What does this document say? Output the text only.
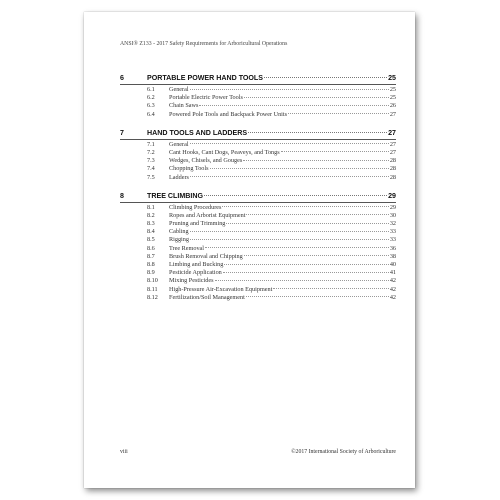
ANSI® Z133 - 2017 Safety Requirements for Arboricultural Operations
6	PORTABLE POWER HAND TOOLS	25
6.1	General	25
6.2	Portable Electric Power Tools	25
6.3	Chain Saws	26
6.4	Powered Pole Tools and Backpack Power Units	27
7	HAND TOOLS AND LADDERS	27
7.1	General	27
7.2	Cant Hooks, Cant Dogs, Peaveys, and Tongs	27
7.3	Wedges, Chisels, and Gouges	28
7.4	Chopping Tools	28
7.5	Ladders	28
8	TREE CLIMBING	29
8.1	Climbing Procedures	29
8.2	Ropes and Arborist Equipment	30
8.3	Pruning and Trimming	32
8.4	Cabling	33
8.5	Rigging	33
8.6	Tree Removal	36
8.7	Brush Removal and Chipping	38
8.8	Limbing and Bucking	40
8.9	Pesticide Application	41
8.10	Mixing Pesticides	42
8.11	High-Pressure Air-Excavation Equipment	42
8.12	Fertilization/Soil Management	42
viii	©2017 International Society of Arboriculture
